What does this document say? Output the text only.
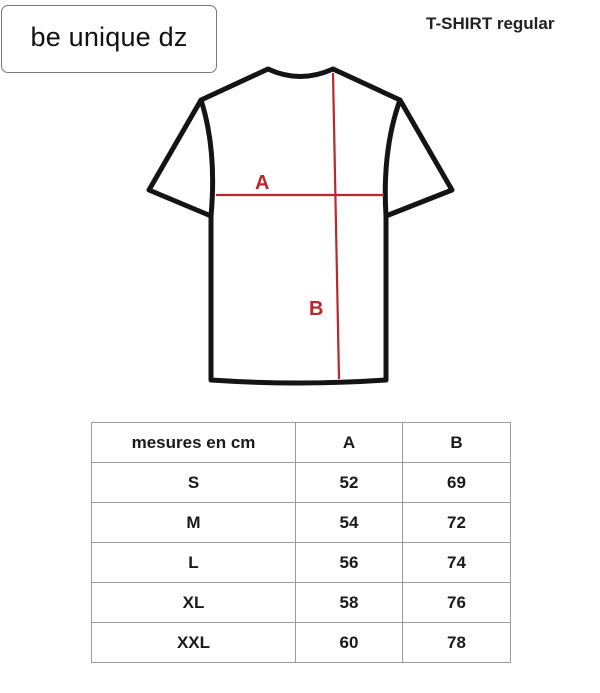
be unique dz	T-SHIRT regular
A
B
mesures en cm	A	B
S	52	69
M	54	72
L	56	74
XL	58	76
XXL	60	78
